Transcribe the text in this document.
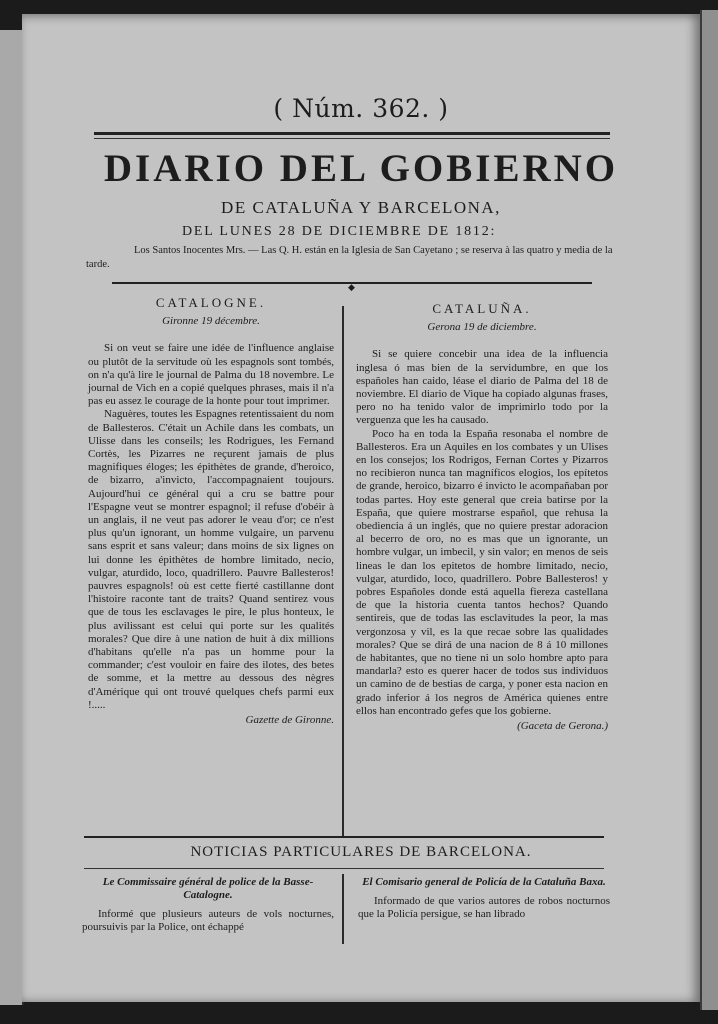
( Núm. 362. )
DIARIO DEL GOBIERNO
DE CATALUÑA Y BARCELONA,
DEL LUNES 28 DE DICIEMBRE DE 1812:
Los Santos Inocentes Mrs. — Las Q. H. están en la Iglesia de San Cayetano ; se reserva à las quatro y media de la tarde.
◆

CATALOGNE.

Gironne 19 décembre.

Si on veut se faire une idée de l'influence anglaise ou plutôt de la servitude où les espagnols sont tombés, on n'a qu'à lire le journal de Palma du 18 novembre. Le journal de Vich en a copié quelques phrases, mais il n'a pas eu assez le courage de la honte pour tout imprimer.

Naguères, toutes les Espagnes retentissaient du nom de Ballesteros. C'était un Achile dans les combats, un Ulisse dans les conseils; les Rodrigues, les Fernand Cortès, les Pizarres ne reçurent jamais de plus magnifiques éloges; les épithètes de grande, d'heroico, de bizarro, a'invicto, l'accompagnaient toujours. Aujourd'hui ce général qui a cru se battre pour l'Espagne veut se montrer espagnol; il refuse d'obéir à un anglais, il ne veut pas adorer le veau d'or; ce n'est plus qu'un ignorant, un homme vulgaire, un parvenu sans esprit et sans valeur; dans moins de six lignes on lui donne les épithètes de hombre limitado, necio, vulgar, aturdido, loco, quadrillero. Pauvre Ballesteros! pauvres espagnols! où est cette fierté castillanne dont l'histoire raconte tant de traits? Quand sentirez vous que de tous les esclavages le pire, le plus honteux, le plus avilissant est celui qui porte sur les qualités morales? Que dire à une nation de huit à dix millions d'habitans qu'elle n'a pas un homme pour la commander; c'est vouloir en faire des ilotes, des betes de somme, et la mettre au dessous des nègres d'Amérique qui ont trouvé quelques chefs parmi eux !.....

Gazette de Gironne.

CATALUÑA.

Gerona 19 de diciembre.

Si se quiere concebir una idea de la influencia inglesa ó mas bien de la servidumbre, en que los españoles han caido, léase el diario de Palma del 18 de noviembre. El diario de Vique ha copiado algunas frases, pero no ha tenido valor de imprimirlo todo por la verguenza que les ha causado.

Poco ha en toda la España resonaba el nombre de Ballesteros. Era un Aquiles en los combates y un Ulises en los consejos; los Rodrigos, Fernan Cortes y Pizarros no recibieron nunca tan magníficos elogios, los epítetos de grande, heroico, bizarro é invicto le acompañaban por todas partes. Hoy este general que creia batirse por la España, que quiere mostrarse español, que rehusa la obediencia á un inglés, que no quiere prestar adoracion al becerro de oro, no es mas que un ignorante, un hombre vulgar, un imbecil, y sin valor; en menos de seis lineas le dan los epitetos de hombre limitado, necio, vulgar, aturdido, loco, quadrillero. Pobre Ballesteros! y pobres Españoles donde está aquella fiereza castellana de que la historia cuenta tantos hechos? Quando sentireis, que de todas las esclavitudes la peor, la mas vergonzosa y vil, es la que recae sobre las qualidades morales? Que se dirá de una nacion de 8 á 10 millones de habitantes, que no tiene ni un solo hombre apto para mandarla? esto es querer hacer de todos sus individuos un camino de de bestias de carga, y poner esta nacion en grado inferior á los negros de América quienes entre ellos han encontrado gefes que los gobierne.

(Gaceta de Gerona.)

NOTICIAS PARTICULARES DE BARCELONA.

Le Commissaire général de police de la Basse-Catalogne.

Informé que plusieurs auteurs de vols nocturnes, poursuivis par la Police, ont échappé

El Comisario general de Policía de la Cataluña Baxa.

Informado de que varios autores de robos nocturnos que la Policía persigue, se han librado
